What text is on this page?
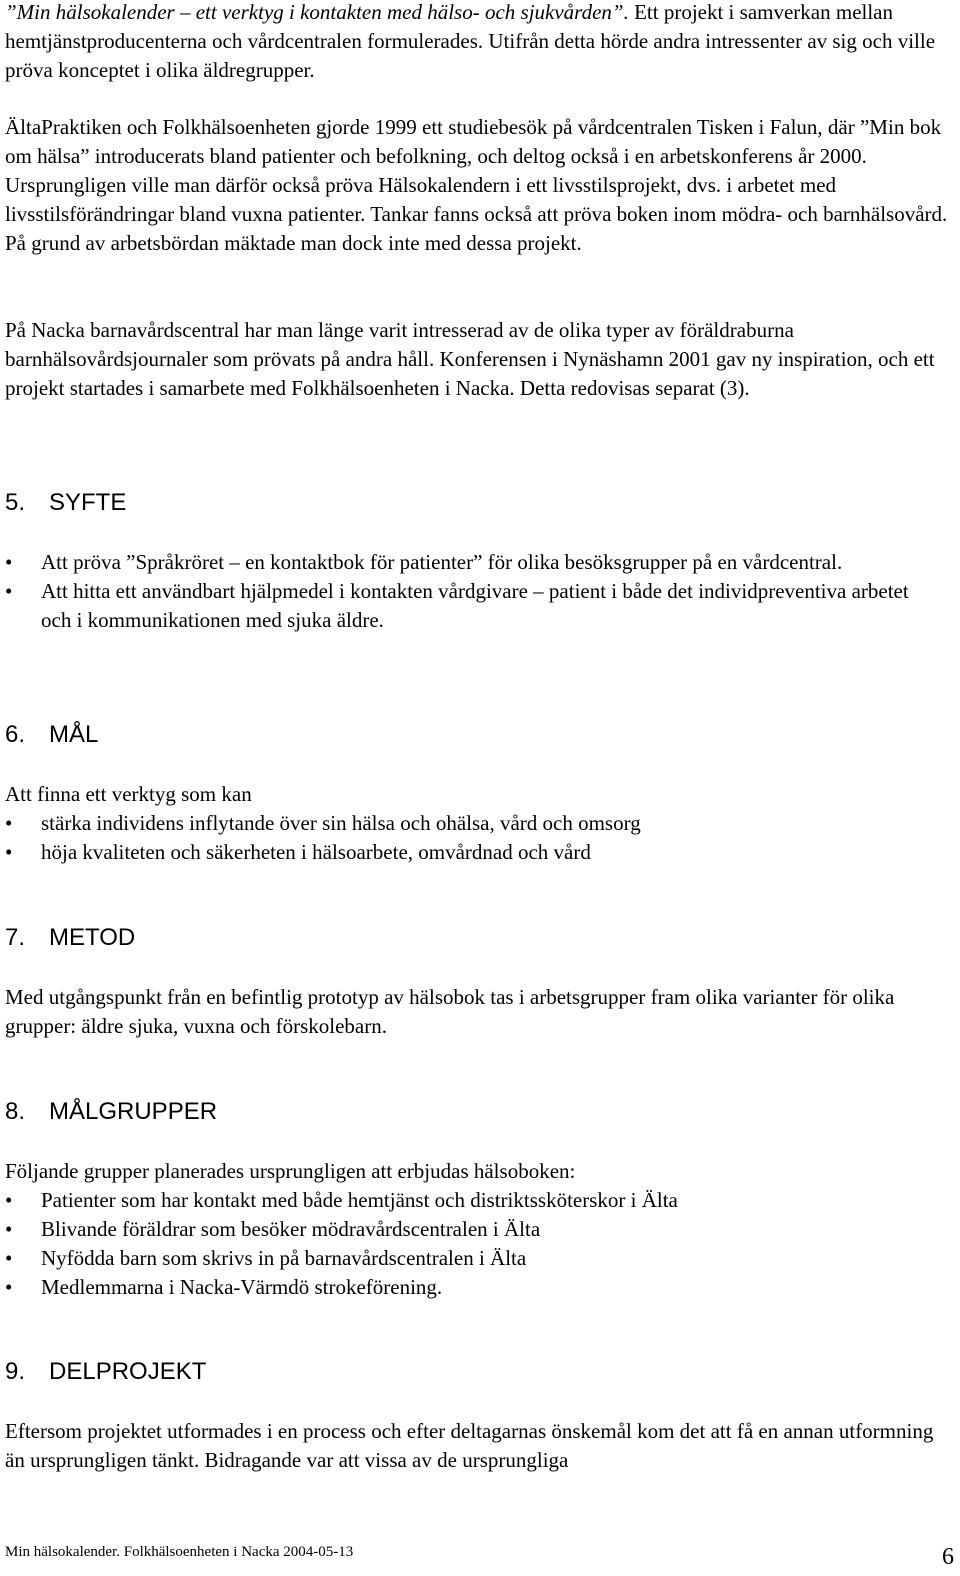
”Min hälsokalender – ett verktyg i kontakten med hälso- och sjukvården”. Ett projekt i samverkan mellan hemtjänstproducenterna och vårdcentralen formulerades. Utifrån detta hörde andra intressenter av sig och ville pröva konceptet i olika äldregrupper.

ÄltaPraktiken och Folkhälsoenheten gjorde 1999 ett studiebesök på vårdcentralen Tisken i Falun, där ”Min bok om hälsa” introducerats bland patienter och befolkning, och deltog också i en arbetskonferens år 2000. Ursprungligen ville man därför också pröva Hälsokalendern i ett livsstilsprojekt, dvs. i arbetet med livsstilsförändringar bland vuxna patienter. Tankar fanns också att pröva boken inom mödra- och barnhälsovård. På grund av arbetsbördan mäktade man dock inte med dessa projekt.

På Nacka barnavårdscentral har man länge varit intresserad av de olika typer av föräldraburna barnhälsovårdsjournaler som prövats på andra håll. Konferensen i Nynäshamn 2001 gav ny inspiration, och ett projekt startades i samarbete med Folkhälsoenheten i Nacka. Detta redovisas separat (3).

5. SYFTE
•	Att pröva ”Språkröret – en kontaktbok för patienter” för olika besöksgrupper på en vårdcentral.
•	Att hitta ett användbart hjälpmedel i kontakten vårdgivare – patient i både det individpreventiva arbetet och i kommunikationen med sjuka äldre.
6. MÅL

Att finna ett verktyg som kan

•	stärka individens inflytande över sin hälsa och ohälsa, vård och omsorg
•	höja kvaliteten och säkerheten i hälsoarbete, omvårdnad och vård
7. METOD

Med utgångspunkt från en befintlig prototyp av hälsobok tas i arbetsgrupper fram olika varianter för olika grupper: äldre sjuka, vuxna och förskolebarn.

8. MÅLGRUPPER

Följande grupper planerades ursprungligen att erbjudas hälsoboken:

•	Patienter som har kontakt med både hemtjänst och distriktssköterskor i Älta
•	Blivande föräldrar som besöker mödravårdscentralen i Älta
•	Nyfödda barn som skrivs in på barnavårdscentralen i Älta
•	Medlemmarna i Nacka-Värmdö strokeförening.
9. DELPROJEKT

Eftersom projektet utformades i en process och efter deltagarnas önskemål kom det att få en annan utformning än ursprungligen tänkt. Bidragande var att vissa av de ursprungliga

Min hälsokalender. Folkhälsoenheten i Nacka 2004-05-13	6
